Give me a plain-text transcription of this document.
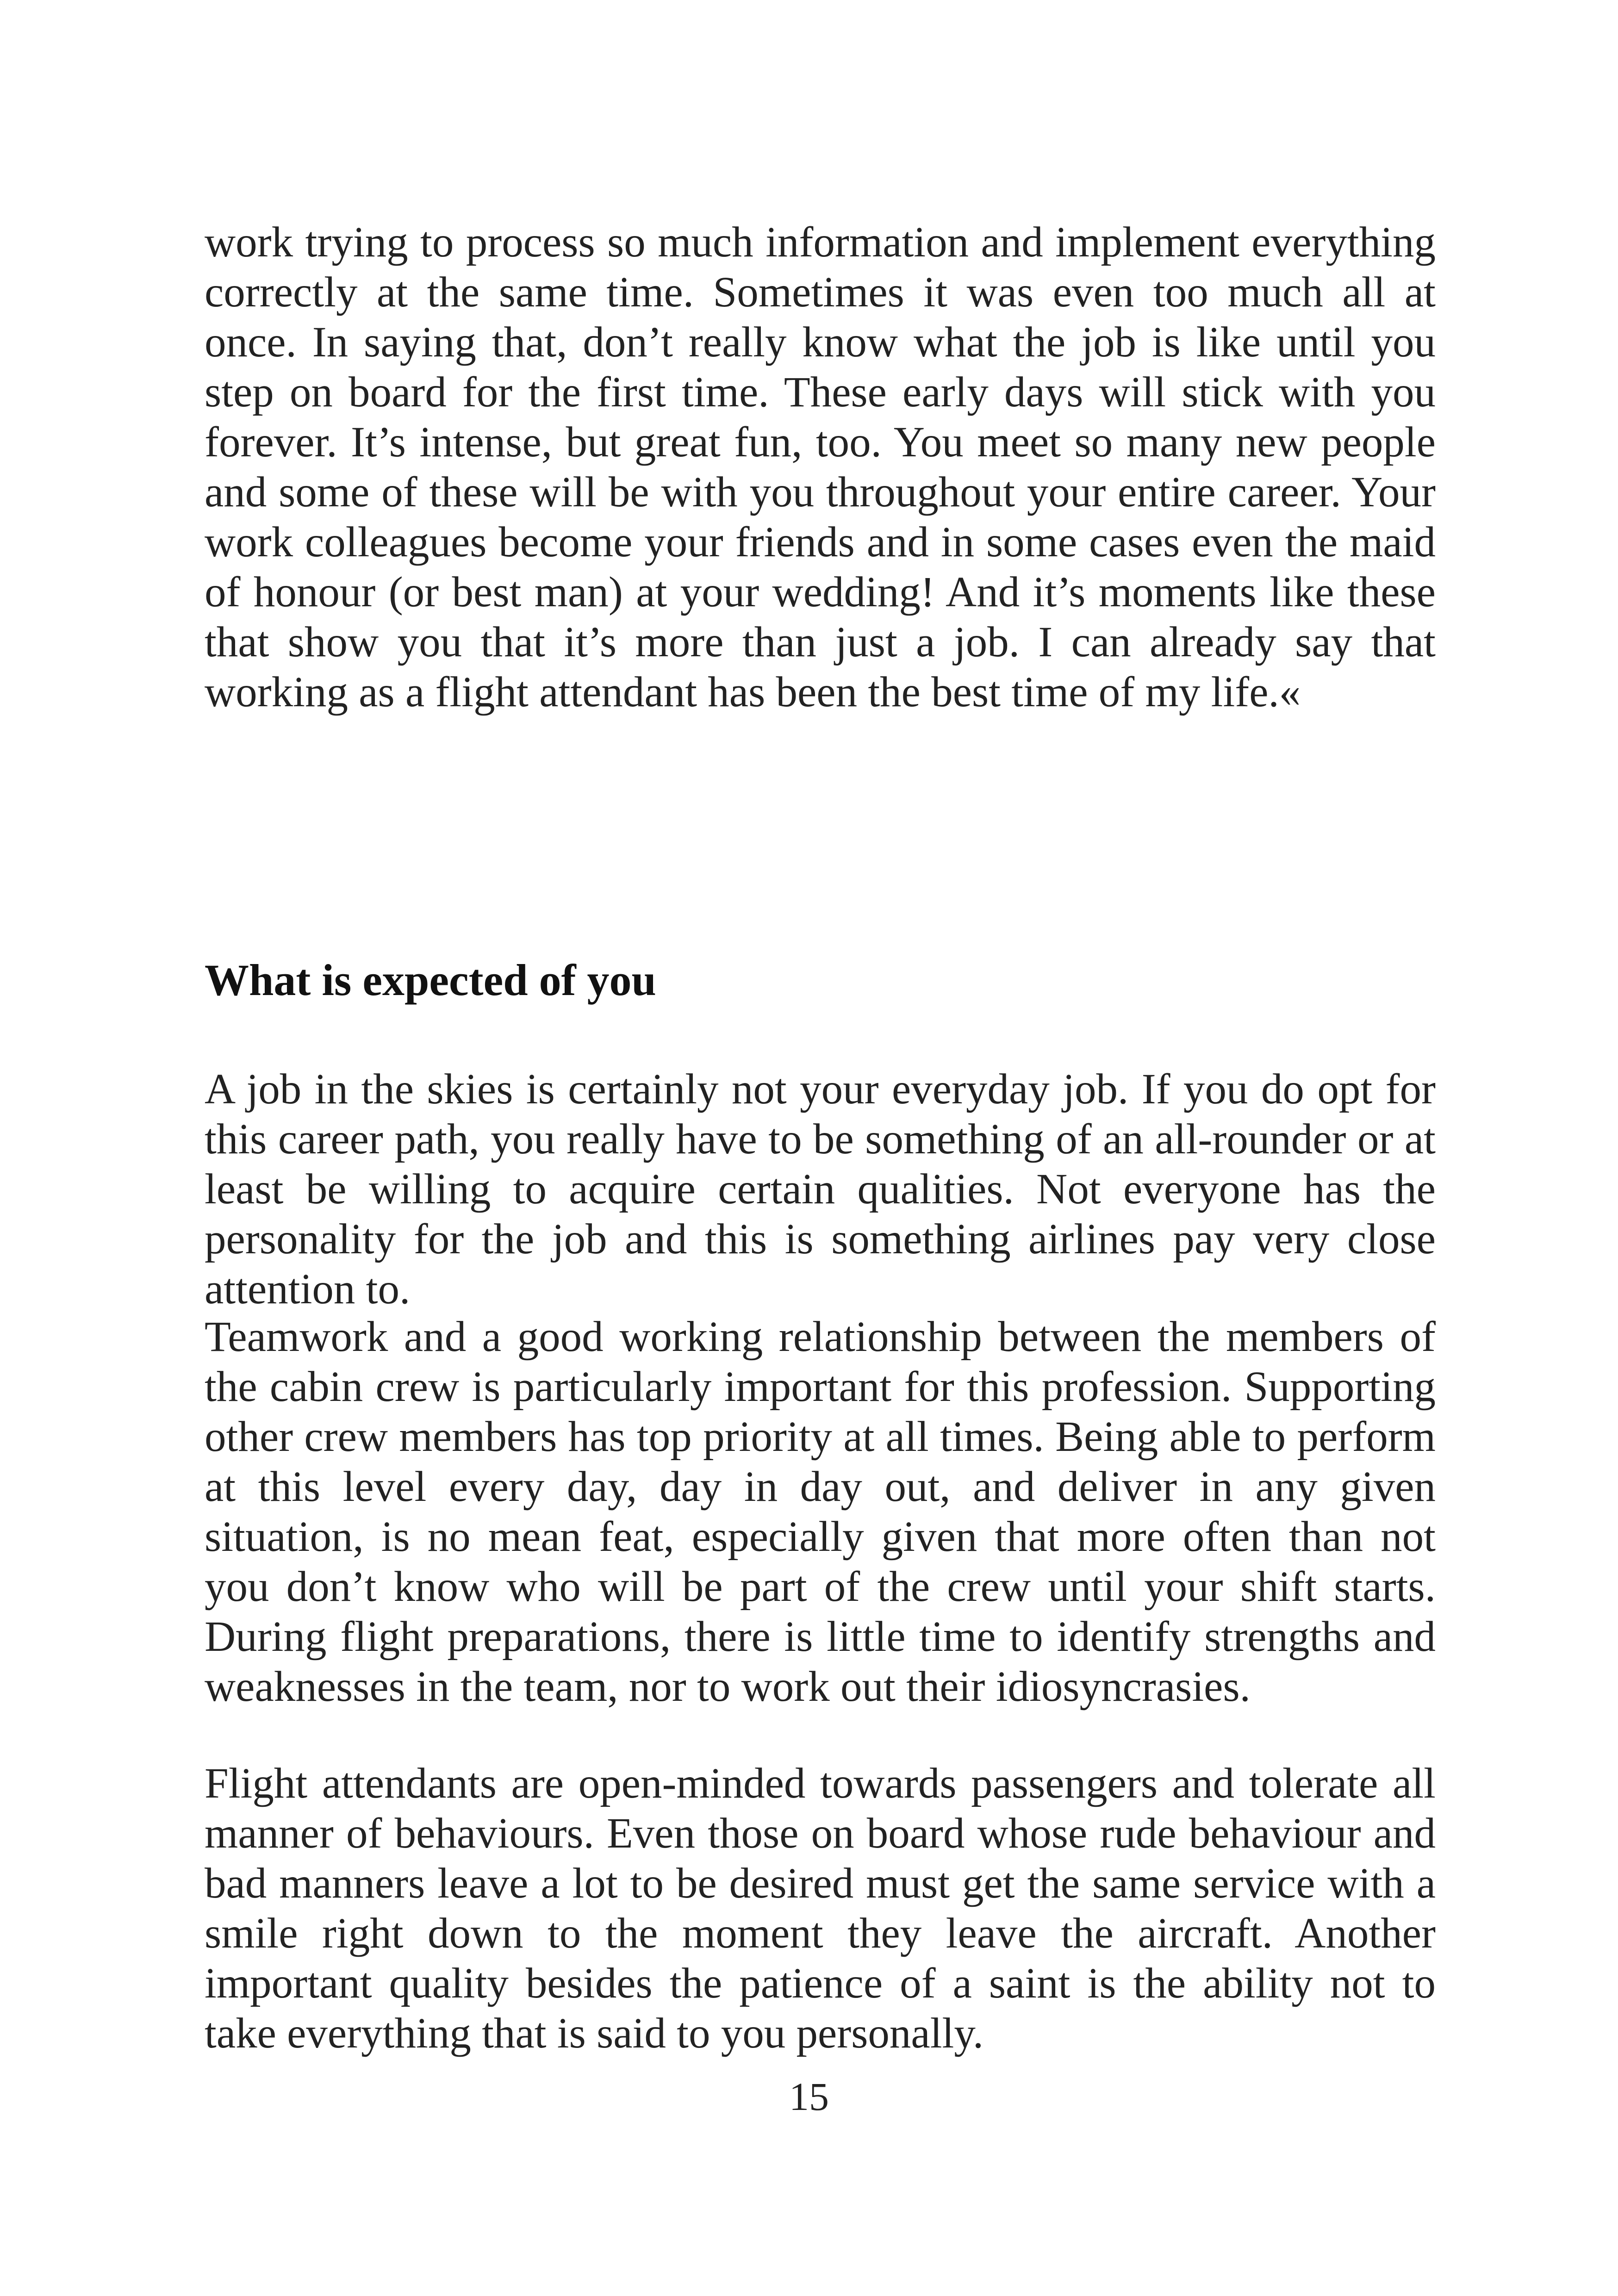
work trying to process so much information and implement everything correctly at the same time. Sometimes it was even too much all at once. In saying that, don’t really know what the job is like until you step on board for the first time. These early days will stick with you forever. It’s intense, but great fun, too. You meet so many new people and some of these will be with you throughout your entire career. Your work colleagues become your friends and in some cases even the maid of honour (or best man) at your wedding! And it’s moments like these that show you that it’s more than just a job. I can already say that working as a flight attendant has been the best time of my life.«

What is expected of you

A job in the skies is certainly not your everyday job. If you do opt for this career path, you really have to be something of an all-rounder or at least be willing to acquire certain qualities. Not everyone has the personality for the job and this is something airlines pay very close attention to.

Teamwork and a good working relationship between the members of the cabin crew is particularly important for this profession. Supporting other crew members has top priority at all times. Being able to perform at this level every day, day in day out, and deliver in any given situation, is no mean feat, especially given that more often than not you don’t know who will be part of the crew until your shift starts. During flight preparations, there is little time to identify strengths and weaknesses in the team, nor to work out their idiosyncrasies.

Flight attendants are open-minded towards passengers and tolerate all manner of behaviours. Even those on board whose rude behaviour and bad manners leave a lot to be desired must get the same service with a smile right down to the moment they leave the aircraft. Another important quality besides the patience of a saint is the ability not to take everything that is said to you personally.

15
